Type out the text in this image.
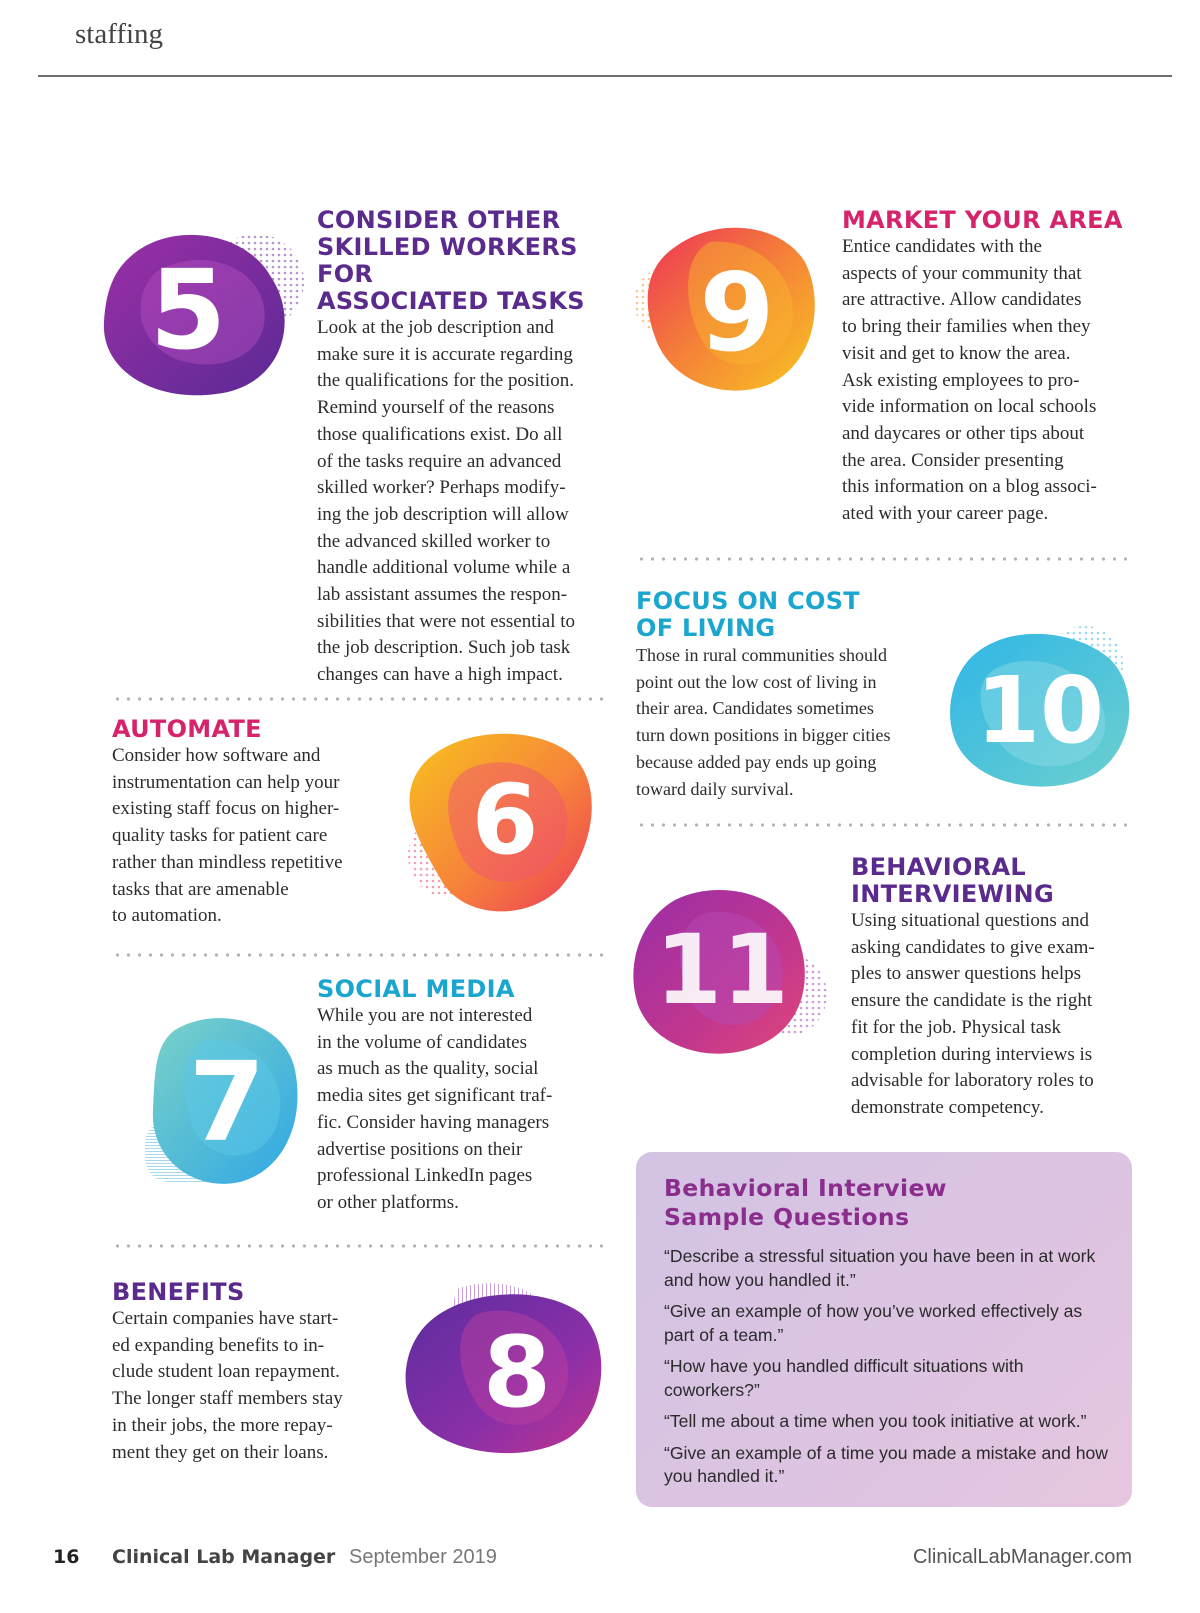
staffing
5
CONSIDER OTHER
SKILLED WORKERS FOR
ASSOCIATED TASKS

Look at the job description and
make sure it is accurate regarding
the qualifications for the position.
Remind yourself of the reasons
those qualifications exist. Do all
of the tasks require an advanced
skilled worker? Perhaps modify-
ing the job description will allow
the advanced skilled worker to
handle additional volume while a
lab assistant assumes the respon-
sibilities that were not essential to
the job description. Such job task
changes can have a high impact.

AUTOMATE

Consider how software and
instrumentation can help your
existing staff focus on higher-
quality tasks for patient care
rather than mindless repetitive
tasks that are amenable
to automation.

6
7
SOCIAL MEDIA

While you are not interested
in the volume of candidates
as much as the quality, social
media sites get significant traf-
fic. Consider having managers
advertise positions on their
professional LinkedIn pages
or other platforms.

BENEFITS

Certain companies have start-
ed expanding benefits to in-
clude student loan repayment.
The longer staff members stay
in their jobs, the more repay-
ment they get on their loans.

8
9
MARKET YOUR AREA

Entice candidates with the
aspects of your community that
are attractive. Allow candidates
to bring their families when they
visit and get to know the area.
Ask existing employees to pro-
vide information on local schools
and daycares or other tips about
the area. Consider presenting
this information on a blog associ-
ated with your career page.

FOCUS ON COST
OF LIVING

Those in rural communities should
point out the low cost of living in
their area. Candidates sometimes
turn down positions in bigger cities
because added pay ends up going
toward daily survival.

10
11
BEHAVIORAL
INTERVIEWING

Using situational questions and
asking candidates to give exam-
ples to answer questions helps
ensure the candidate is the right
fit for the job. Physical task
completion during interviews is
advisable for laboratory roles to
demonstrate competency.

Behavioral Interview
Sample Questions
“Describe a stressful situation you have been in at work and how you handled it.”
“Give an example of how you’ve worked effectively as part of a team.”
“How have you handled difficult situations with coworkers?”
“Tell me about a time when you took initiative at work.”
“Give an example of a time you made a mistake and how you handled it.”
16 Clinical Lab Manager September 2019	ClinicalLabManager.com
